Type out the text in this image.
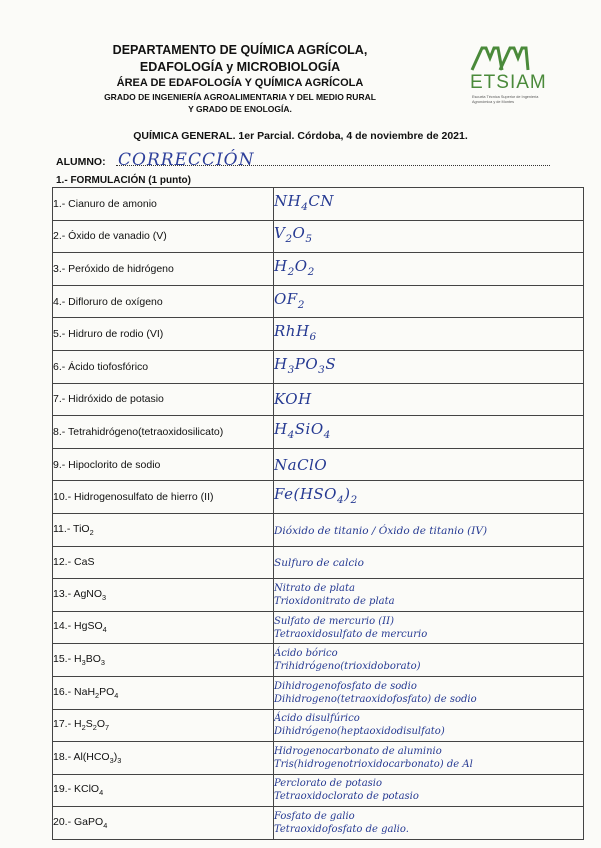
DEPARTAMENTO DE QUÍMICA AGRÍCOLA,
EDAFOLOGÍA y MICROBIOLOGÍA
ÁREA DE EDAFOLOGÍA Y QUÍMICA AGRÍCOLA
GRADO DE INGENIERÍA AGROALIMENTARIA Y DEL MEDIO RURAL
Y GRADO DE ENOLOGÍA.
ETSIAM
Escuela Técnica Superior de Ingeniería Agronómica y de Montes
QUÍMICA GENERAL. 1er Parcial. Córdoba, 4 de noviembre de 2021.
ALUMNO: CORRECCIÓN
1.- FORMULACIÓN (1 punto)
1.- Cianuro de amonio	$NH_4CN$
2.- Óxido de vanadio (V)	$V_2O_5$
3.- Peróxido de hidrógeno	$H_2O_2$
4.- Difloruro de oxígeno	$OF_2$
5.- Hidruro de rodio (VI)	RhH$_6$
6.- Ácido tiofosfórico	$H_3PO_3S$
7.- Hidróxido de potasio	KOH
8.- Tetrahidrógeno(tetraoxidosilicato)	$H_4SiO_4$
9.- Hipoclorito de sodio	NaClO
10.- Hidrogenosulfato de hierro (II)	$Fe(HSO_4)_2$
11.- TiO$_2$	Dióxido de titanio / Óxido de titanio (IV)
12.- CaS	Sulfuro de calcio
13.- AgNO$_3$	Nitrato de plata
Trioxidonitrato de plata

14.- HgSO$_4$	Sulfato de mercurio (II)
Tetraoxidosulfato de mercurio

15.- $H_3BO_3$	Ácido bórico
Trihidrógeno(trioxidoborato)

16.- $NaH_2PO_4$	Dihidrogenofosfato de sodio
Dihidrogeno(tetraoxidofosfato) de sodio

17.- $H_2S_2O_7$	Ácido disulfúrico
Dihidrógeno(heptaoxidodisulfato)

18.- $Al(HCO_3)_3$	Hidrogenocarbonato de aluminio
Tris(hidrogenotrioxidocarbonato) de Al

19.- KClO$_4$	Perclorato de potasio
Tetraoxidoclorato de potasio

20.- GaPO$_4$	Fosfato de galio
Tetraoxidofosfato de galio.
